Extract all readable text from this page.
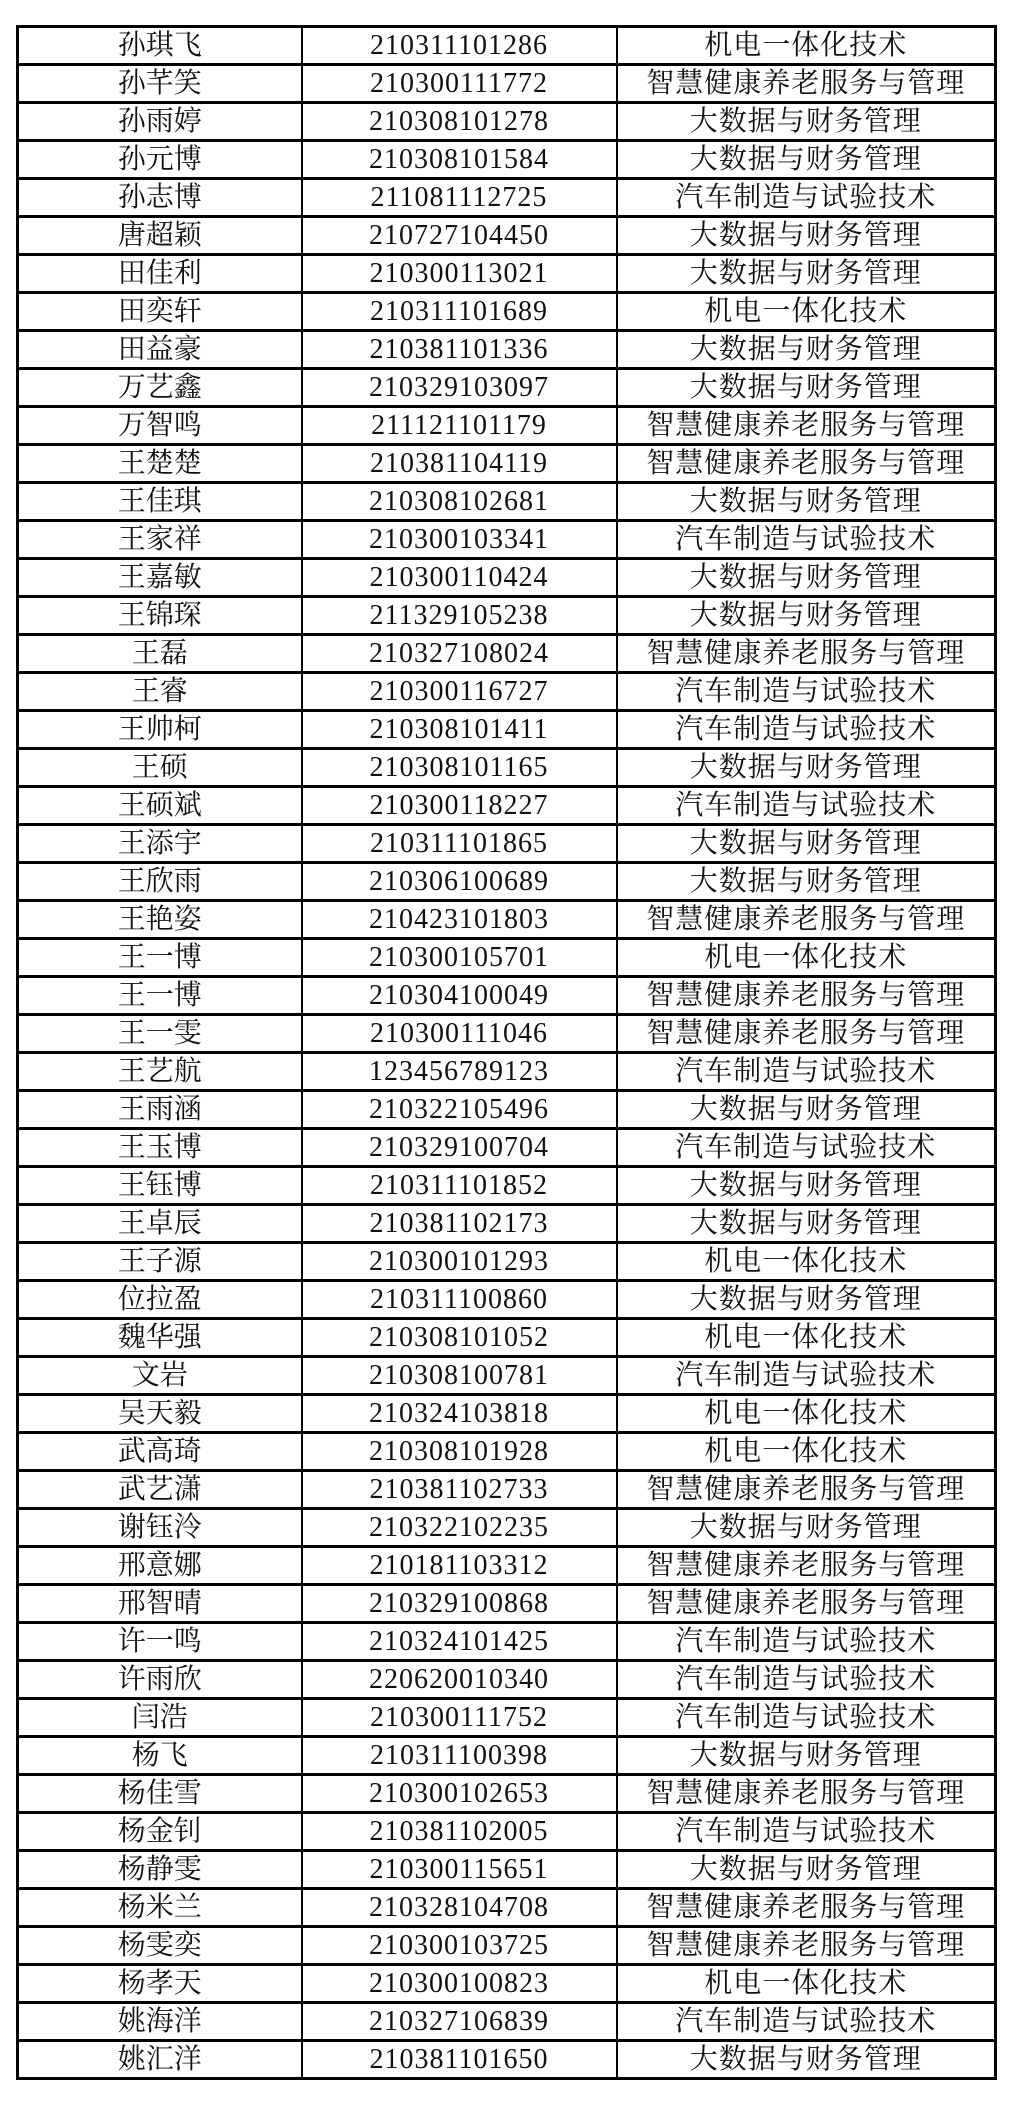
孙琪飞	210311101286	机电一体化技术
孙芊笑	210300111772	智慧健康养老服务与管理
孙雨婷	210308101278	大数据与财务管理
孙元博	210308101584	大数据与财务管理
孙志博	211081112725	汽车制造与试验技术
唐超颖	210727104450	大数据与财务管理
田佳利	210300113021	大数据与财务管理
田奕轩	210311101689	机电一体化技术
田益豪	210381101336	大数据与财务管理
万艺鑫	210329103097	大数据与财务管理
万智鸣	211121101179	智慧健康养老服务与管理
王楚楚	210381104119	智慧健康养老服务与管理
王佳琪	210308102681	大数据与财务管理
王家祥	210300103341	汽车制造与试验技术
王嘉敏	210300110424	大数据与财务管理
王锦琛	211329105238	大数据与财务管理
王磊	210327108024	智慧健康养老服务与管理
王睿	210300116727	汽车制造与试验技术
王帅柯	210308101411	汽车制造与试验技术
王硕	210308101165	大数据与财务管理
王硕斌	210300118227	汽车制造与试验技术
王添宇	210311101865	大数据与财务管理
王欣雨	210306100689	大数据与财务管理
王艳姿	210423101803	智慧健康养老服务与管理
王一博	210300105701	机电一体化技术
王一博	210304100049	智慧健康养老服务与管理
王一雯	210300111046	智慧健康养老服务与管理
王艺航	123456789123	汽车制造与试验技术
王雨涵	210322105496	大数据与财务管理
王玉博	210329100704	汽车制造与试验技术
王钰博	210311101852	大数据与财务管理
王卓辰	210381102173	大数据与财务管理
王子源	210300101293	机电一体化技术
位拉盈	210311100860	大数据与财务管理
魏华强	210308101052	机电一体化技术
文岩	210308100781	汽车制造与试验技术
吴天毅	210324103818	机电一体化技术
武高琦	210308101928	机电一体化技术
武艺潇	210381102733	智慧健康养老服务与管理
谢钰泠	210322102235	大数据与财务管理
邢意娜	210181103312	智慧健康养老服务与管理
邢智晴	210329100868	智慧健康养老服务与管理
许一鸣	210324101425	汽车制造与试验技术
许雨欣	220620010340	汽车制造与试验技术
闫浩	210300111752	汽车制造与试验技术
杨飞	210311100398	大数据与财务管理
杨佳雪	210300102653	智慧健康养老服务与管理
杨金钊	210381102005	汽车制造与试验技术
杨静雯	210300115651	大数据与财务管理
杨米兰	210328104708	智慧健康养老服务与管理
杨雯奕	210300103725	智慧健康养老服务与管理
杨孝天	210300100823	机电一体化技术
姚海洋	210327106839	汽车制造与试验技术
姚汇洋	210381101650	大数据与财务管理
